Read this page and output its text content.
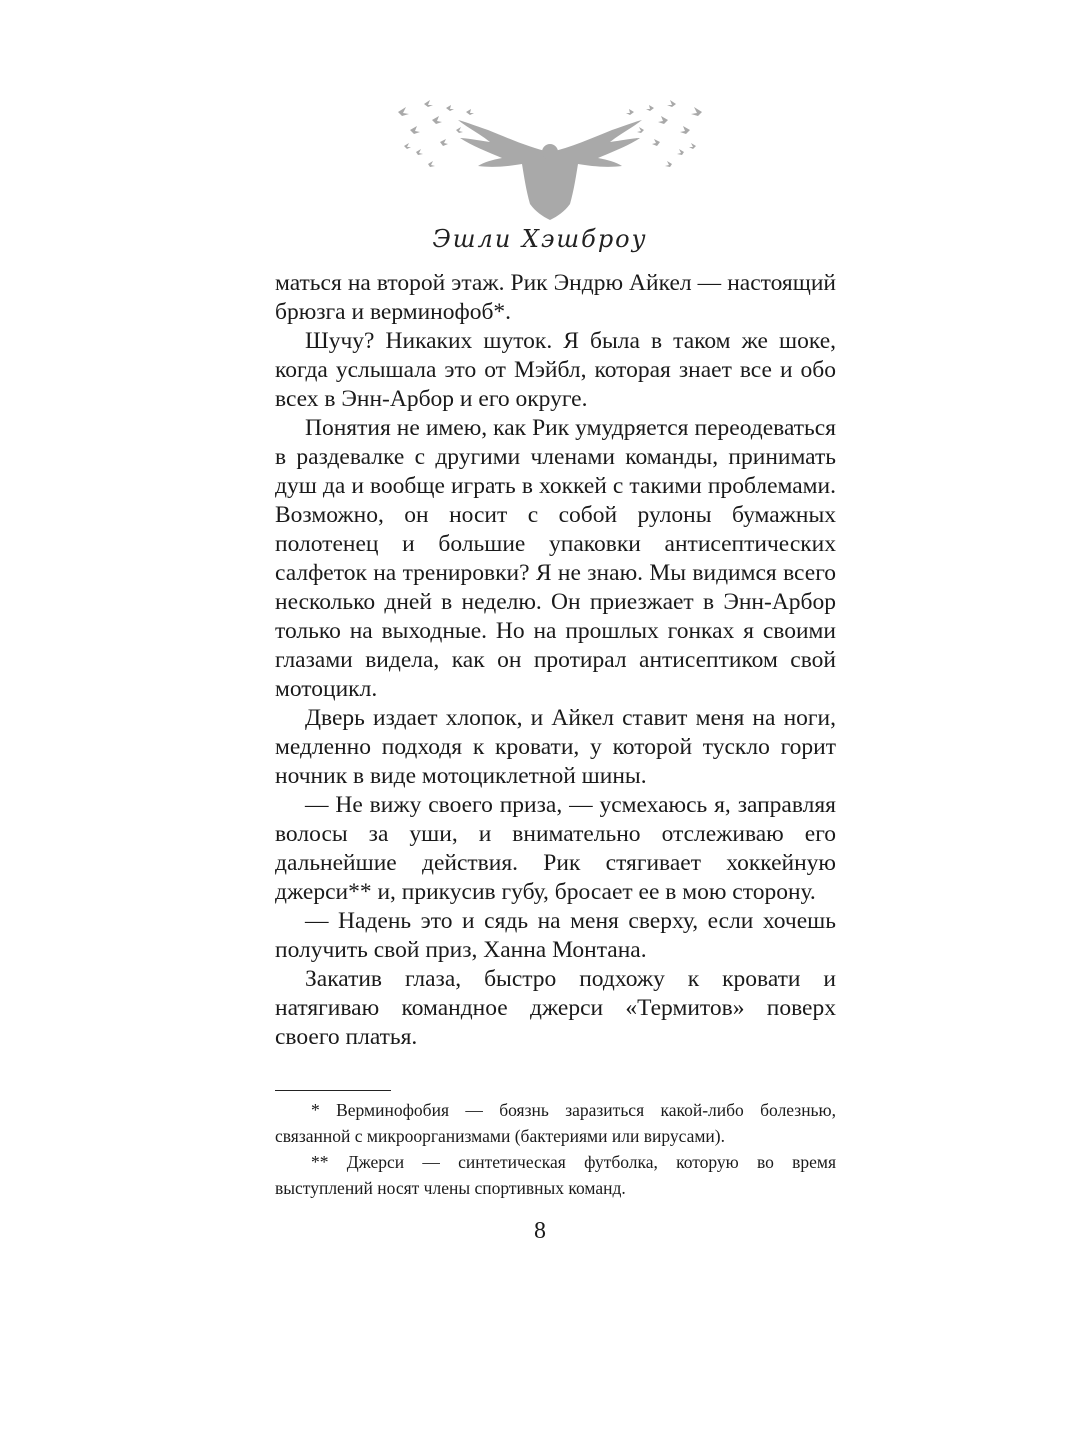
Эшли Хэшброу

маться на второй этаж. Рик Эндрю Айкел — настоящий брюзга и верминофоб*.

Шучу? Никаких шуток. Я была в таком же шоке, когда услышала это от Мэйбл, которая знает все и обо всех в Энн-Арбор и его округе.

Понятия не имею, как Рик умудряется переодеваться в раздевалке с другими членами команды, принимать душ да и вообще играть в хоккей с такими проблемами. Возможно, он носит с собой рулоны бумажных полотенец и большие упаковки антисептических салфеток на тренировки? Я не знаю. Мы видимся всего несколько дней в неделю. Он приезжает в Энн-Арбор только на выходные. Но на прошлых гонках я своими глазами видела, как он протирал антисептиком свой мотоцикл.

Дверь издает хлопок, и Айкел ставит меня на ноги, медленно подходя к кровати, у которой тускло горит ночник в виде мотоциклетной шины.

— Не вижу своего приза, — усмехаюсь я, заправляя волосы за уши, и внимательно отслеживаю его дальнейшие действия. Рик стягивает хоккейную джерси** и, прикусив губу, бросает ее в мою сторону.

— Надень это и сядь на меня сверху, если хочешь получить свой приз, Ханна Монтана.

Закатив глаза, быстро подхожу к кровати и натягиваю командное джерси «Термитов» поверх своего платья.

* Верминофобия — боязнь заразиться какой-либо болезнью, связанной с микроорганизмами (бактериями или вирусами).

** Джерси — синтетическая футболка, которую во время выступлений носят члены спортивных команд.

8
